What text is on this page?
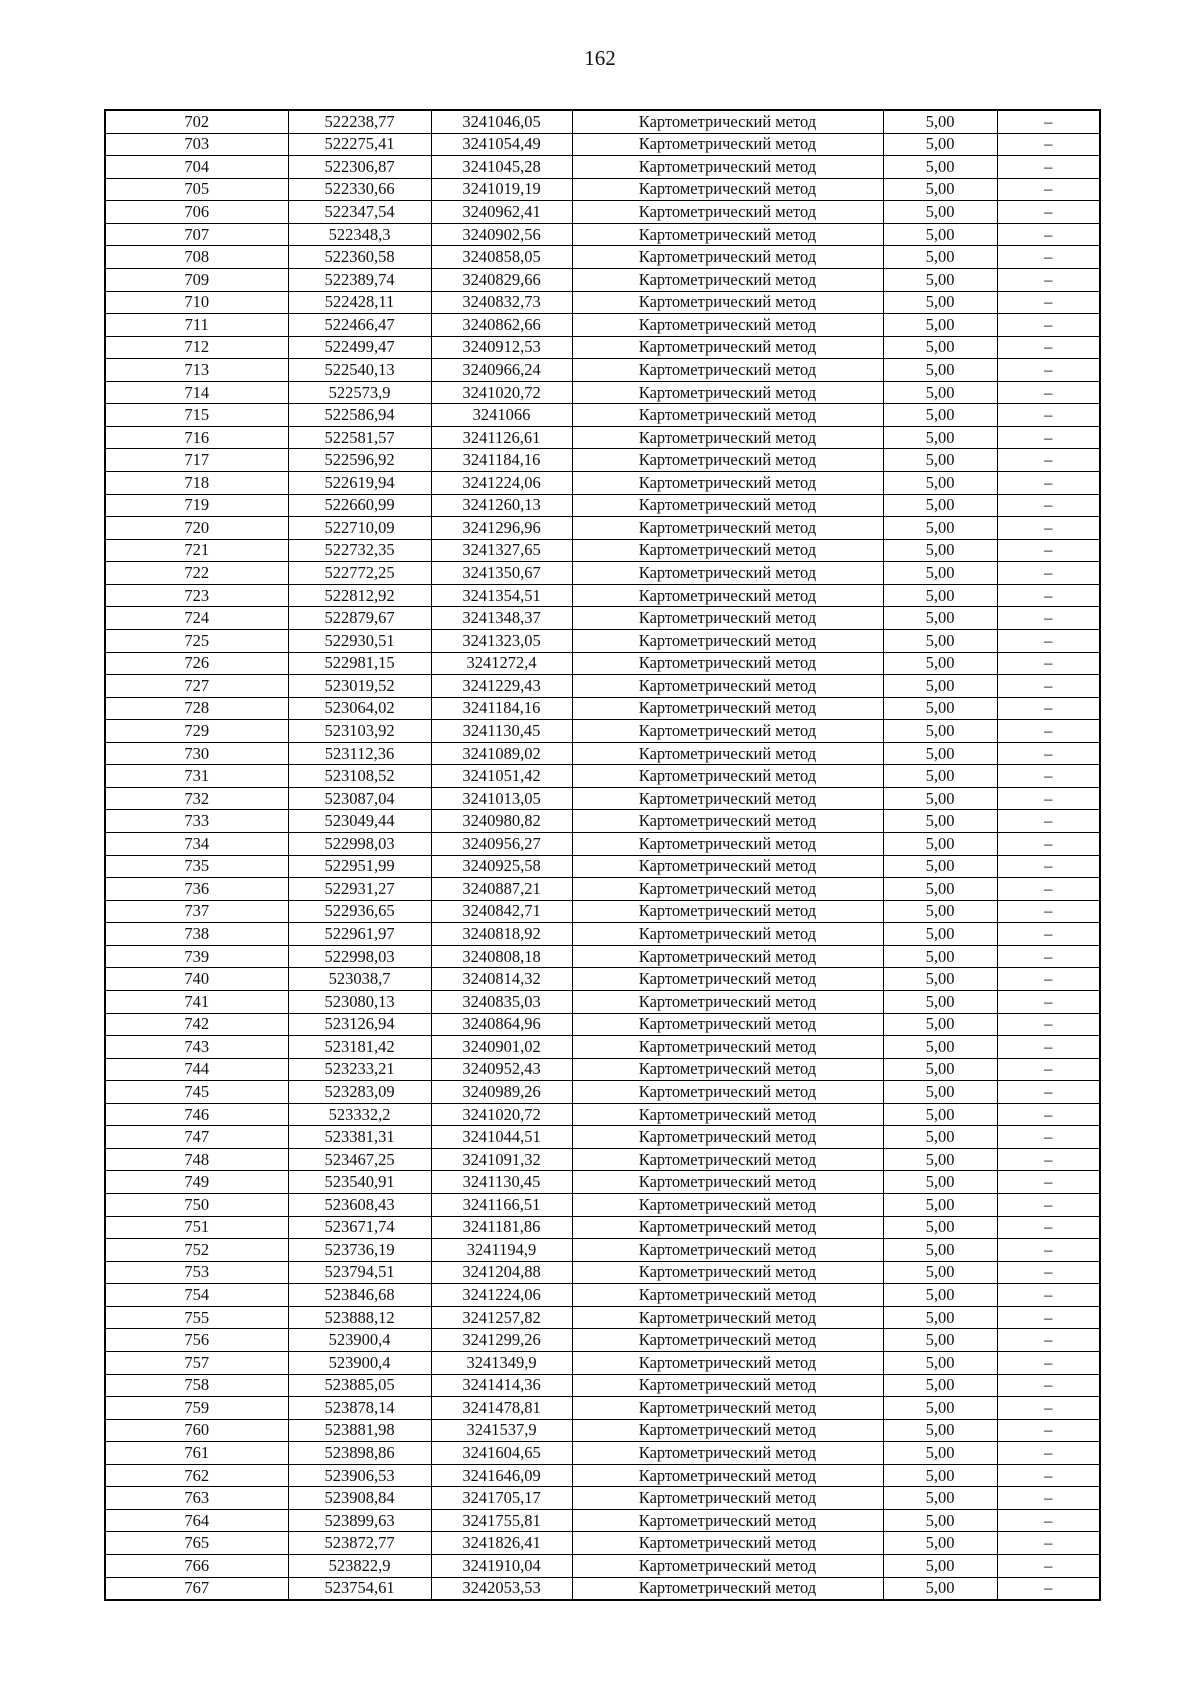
162
702	522238,77	3241046,05	Картометрический метод	5,00	–
703	522275,41	3241054,49	Картометрический метод	5,00	–
704	522306,87	3241045,28	Картометрический метод	5,00	–
705	522330,66	3241019,19	Картометрический метод	5,00	–
706	522347,54	3240962,41	Картометрический метод	5,00	–
707	522348,3	3240902,56	Картометрический метод	5,00	–
708	522360,58	3240858,05	Картометрический метод	5,00	–
709	522389,74	3240829,66	Картометрический метод	5,00	–
710	522428,11	3240832,73	Картометрический метод	5,00	–
711	522466,47	3240862,66	Картометрический метод	5,00	–
712	522499,47	3240912,53	Картометрический метод	5,00	–
713	522540,13	3240966,24	Картометрический метод	5,00	–
714	522573,9	3241020,72	Картометрический метод	5,00	–
715	522586,94	3241066	Картометрический метод	5,00	–
716	522581,57	3241126,61	Картометрический метод	5,00	–
717	522596,92	3241184,16	Картометрический метод	5,00	–
718	522619,94	3241224,06	Картометрический метод	5,00	–
719	522660,99	3241260,13	Картометрический метод	5,00	–
720	522710,09	3241296,96	Картометрический метод	5,00	–
721	522732,35	3241327,65	Картометрический метод	5,00	–
722	522772,25	3241350,67	Картометрический метод	5,00	–
723	522812,92	3241354,51	Картометрический метод	5,00	–
724	522879,67	3241348,37	Картометрический метод	5,00	–
725	522930,51	3241323,05	Картометрический метод	5,00	–
726	522981,15	3241272,4	Картометрический метод	5,00	–
727	523019,52	3241229,43	Картометрический метод	5,00	–
728	523064,02	3241184,16	Картометрический метод	5,00	–
729	523103,92	3241130,45	Картометрический метод	5,00	–
730	523112,36	3241089,02	Картометрический метод	5,00	–
731	523108,52	3241051,42	Картометрический метод	5,00	–
732	523087,04	3241013,05	Картометрический метод	5,00	–
733	523049,44	3240980,82	Картометрический метод	5,00	–
734	522998,03	3240956,27	Картометрический метод	5,00	–
735	522951,99	3240925,58	Картометрический метод	5,00	–
736	522931,27	3240887,21	Картометрический метод	5,00	–
737	522936,65	3240842,71	Картометрический метод	5,00	–
738	522961,97	3240818,92	Картометрический метод	5,00	–
739	522998,03	3240808,18	Картометрический метод	5,00	–
740	523038,7	3240814,32	Картометрический метод	5,00	–
741	523080,13	3240835,03	Картометрический метод	5,00	–
742	523126,94	3240864,96	Картометрический метод	5,00	–
743	523181,42	3240901,02	Картометрический метод	5,00	–
744	523233,21	3240952,43	Картометрический метод	5,00	–
745	523283,09	3240989,26	Картометрический метод	5,00	–
746	523332,2	3241020,72	Картометрический метод	5,00	–
747	523381,31	3241044,51	Картометрический метод	5,00	–
748	523467,25	3241091,32	Картометрический метод	5,00	–
749	523540,91	3241130,45	Картометрический метод	5,00	–
750	523608,43	3241166,51	Картометрический метод	5,00	–
751	523671,74	3241181,86	Картометрический метод	5,00	–
752	523736,19	3241194,9	Картометрический метод	5,00	–
753	523794,51	3241204,88	Картометрический метод	5,00	–
754	523846,68	3241224,06	Картометрический метод	5,00	–
755	523888,12	3241257,82	Картометрический метод	5,00	–
756	523900,4	3241299,26	Картометрический метод	5,00	–
757	523900,4	3241349,9	Картометрический метод	5,00	–
758	523885,05	3241414,36	Картометрический метод	5,00	–
759	523878,14	3241478,81	Картометрический метод	5,00	–
760	523881,98	3241537,9	Картометрический метод	5,00	–
761	523898,86	3241604,65	Картометрический метод	5,00	–
762	523906,53	3241646,09	Картометрический метод	5,00	–
763	523908,84	3241705,17	Картометрический метод	5,00	–
764	523899,63	3241755,81	Картометрический метод	5,00	–
765	523872,77	3241826,41	Картометрический метод	5,00	–
766	523822,9	3241910,04	Картометрический метод	5,00	–
767	523754,61	3242053,53	Картометрический метод	5,00	–
